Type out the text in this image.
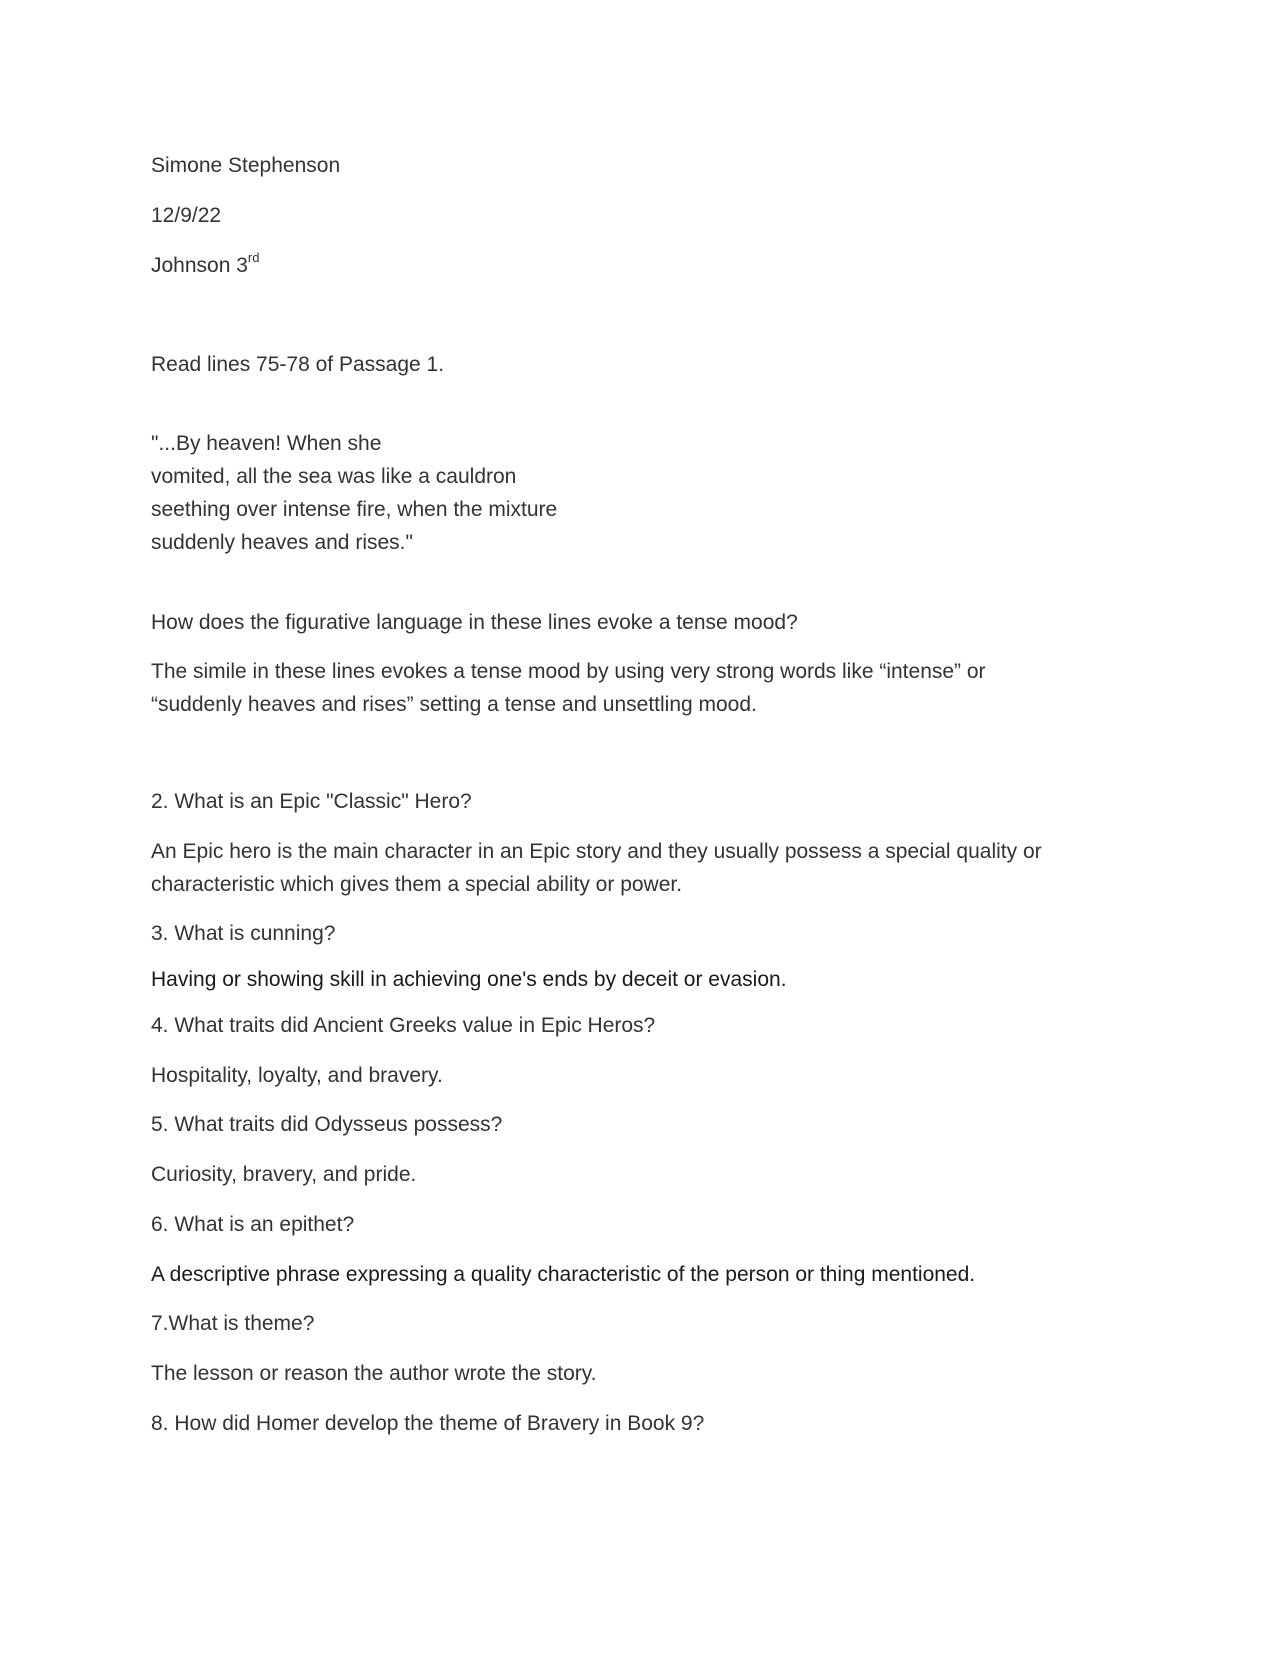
Simone Stephenson
12/9/22
Johnson 3rd
Read lines 75-78 of Passage 1.
"...By heaven! When she
vomited, all the sea was like a cauldron
seething over intense fire, when the mixture
suddenly heaves and rises."
How does the figurative language in these lines evoke a tense mood?
The simile in these lines evokes a tense mood by using very strong words like “intense” or
“suddenly heaves and rises” setting a tense and unsettling mood.
2. What is an Epic "Classic" Hero?
An Epic hero is the main character in an Epic story and they usually possess a special quality or
characteristic which gives them a special ability or power.
3. What is cunning?
Having or showing skill in achieving one's ends by deceit or evasion.
4. What traits did Ancient Greeks value in Epic Heros?
Hospitality, loyalty, and bravery.
5. What traits did Odysseus possess?
Curiosity, bravery, and pride.
6. What is an epithet?
A descriptive phrase expressing a quality characteristic of the person or thing mentioned.
7.What is theme?
The lesson or reason the author wrote the story.
8. How did Homer develop the theme of Bravery in Book 9?
